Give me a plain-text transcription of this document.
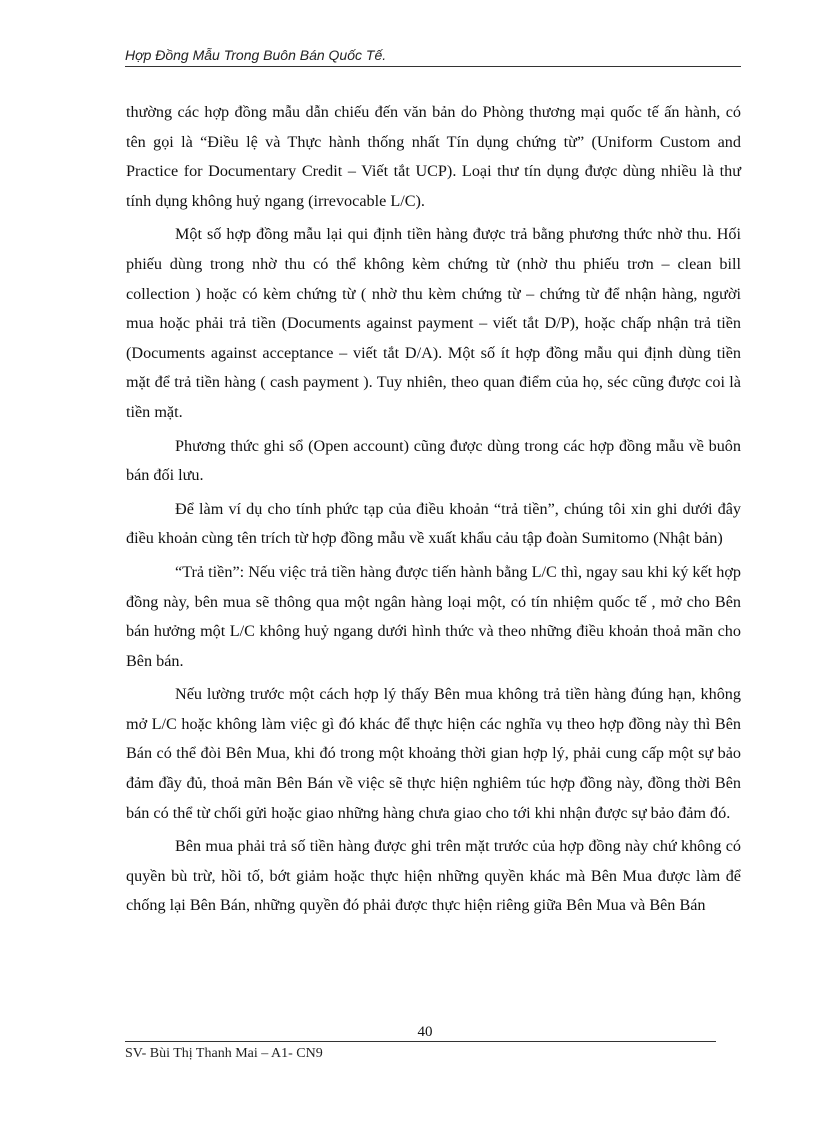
Hợp Đồng Mẫu Trong Buôn Bán Quốc Tế.

thường các hợp đồng mẫu dẫn chiếu đến văn bản do Phòng thương mại quốc tế ấn hành, có tên gọi là “Điều lệ và Thực hành thống nhất Tín dụng chứng từ” (Uniform Custom and Practice for Documentary Credit – Viết tắt UCP). Loại thư tín dụng được dùng nhiều là thư tính dụng không huỷ ngang (irrevocable L/C).

Một số hợp đồng mẫu lại qui định tiền hàng được trả bằng phương thức nhờ thu. Hối phiếu dùng trong nhờ thu có thể không kèm chứng từ (nhờ thu phiếu trơn – clean bill collection ) hoặc có kèm chứng từ ( nhờ thu kèm chứng từ – chứng từ để nhận hàng, người mua hoặc phải trả tiền (Documents against payment – viết tắt D/P), hoặc chấp nhận trả tiền (Documents against acceptance – viết tắt D/A). Một số ít hợp đồng mẫu qui định dùng tiền mặt để trả tiền hàng ( cash payment ). Tuy nhiên, theo quan điểm của họ, séc cũng được coi là tiền mặt.

Phương thức ghi sổ (Open account) cũng được dùng trong các hợp đồng mẫu về buôn bán đối lưu.

Để làm ví dụ cho tính phức tạp của điều khoản “trả tiền”, chúng tôi xin ghi dưới đây điều khoản cùng tên trích từ hợp đồng mẫu về xuất khẩu cảu tập đoàn Sumitomo (Nhật bản)

“Trả tiền”: Nếu việc trả tiền hàng được tiến hành bằng L/C thì, ngay sau khi ký kết hợp đồng này, bên mua sẽ thông qua một ngân hàng loại một, có tín nhiệm quốc tế , mở cho Bên bán hưởng một L/C không huỷ ngang dưới hình thức và theo những điều khoản thoả mãn cho Bên bán.

Nếu lường trước một cách hợp lý thấy Bên mua không trả tiền hàng đúng hạn, không mở L/C hoặc không làm việc gì đó khác để thực hiện các nghĩa vụ theo hợp đồng này thì Bên Bán có thể đòi Bên Mua, khi đó trong một khoảng thời gian hợp lý, phải cung cấp một sự bảo đảm đầy đủ, thoả mãn Bên Bán về việc sẽ thực hiện nghiêm túc hợp đồng này, đồng thời Bên bán có thể từ chối gửi hoặc giao những hàng chưa giao cho tới khi nhận được sự bảo đảm đó.

Bên mua phải trả số tiền hàng được ghi trên mặt trước của hợp đồng này chứ không có quyền bù trừ, hồi tố, bớt giảm hoặc thực hiện những quyền khác mà Bên Mua được làm để chống lại Bên Bán, những quyền đó phải được thực hiện riêng giữa Bên Mua và Bên Bán

40
SV- Bùi Thị Thanh Mai – A1- CN9
